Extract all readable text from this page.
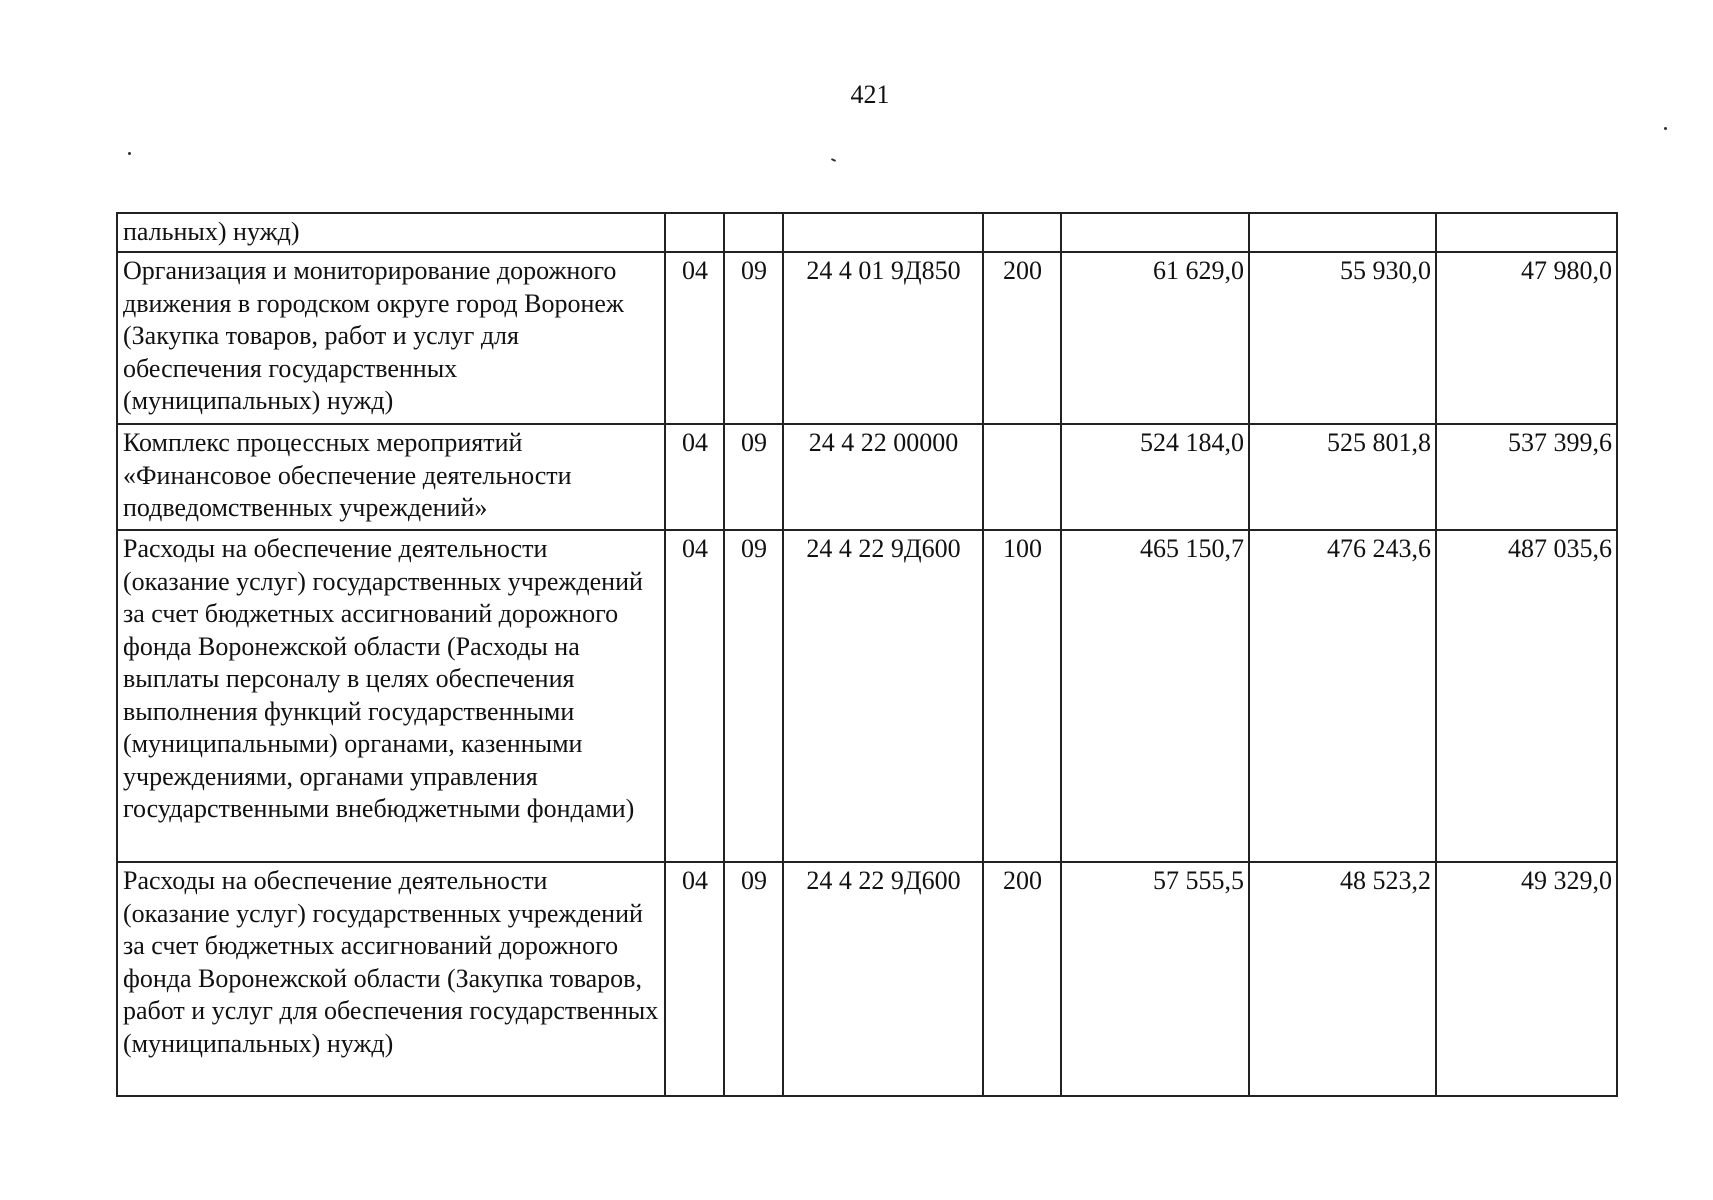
421
пальных) нужд)							
Организация и мониторирование дорожного движения в городском округе город Воронеж (Закупка товаров, работ и услуг для обеспечения государственных (муниципальных) нужд)	04	09	24 4 01 9Д850	200	61 629,0	55 930,0	47 980,0
Комплекс процессных мероприятий «Финансовое обеспечение деятельности подведомственных учреждений»	04	09	24 4 22 00000		524 184,0	525 801,8	537 399,6
Расходы на обеспечение деятельности (оказание услуг) государственных учреждений за счет бюджетных ассигнований дорожного фонда Воронежской области (Расходы на выплаты персоналу в целях обеспечения выполнения функций государственными (муниципальными) органами, казенными учреждениями, органами управления государственными внебюджетными фондами)	04	09	24 4 22 9Д600	100	465 150,7	476 243,6	487 035,6
Расходы на обеспечение деятельности (оказание услуг) государственных учреждений за счет бюджетных ассигнований дорожного фонда Воронежской области (Закупка товаров, работ и услуг для обеспечения государственных (муниципальных) нужд)	04	09	24 4 22 9Д600	200	57 555,5	48 523,2	49 329,0
